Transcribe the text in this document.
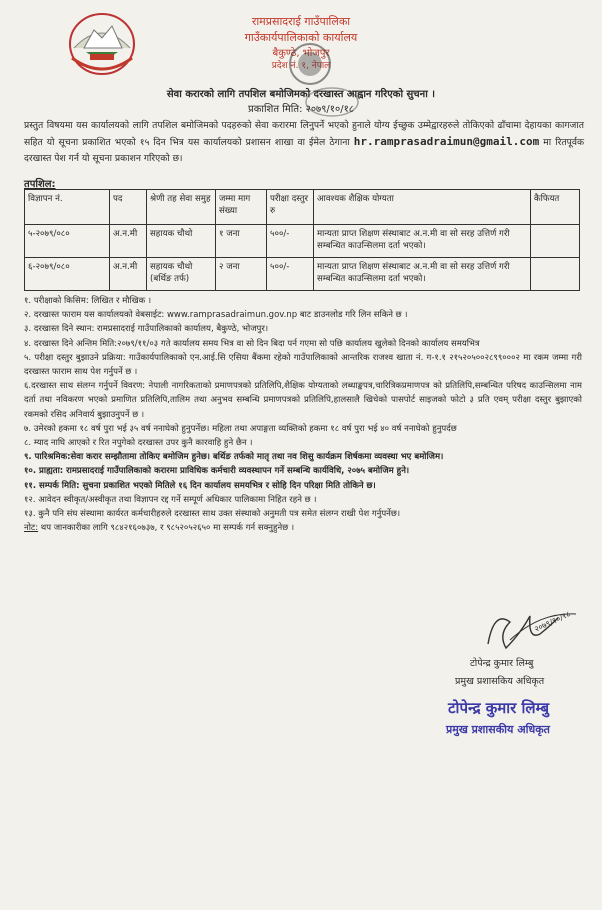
रामप्रसादराई गाउँपालिका
गाउँकार्यपालिकाको कार्यालय
बैकुण्ठे, भोजपुर
प्रदेश नं. १, नेपाल
सेवा करारको लागि तपशिल बमोजिमको दरखास्त आह्वान गरिएको सुचना ।
प्रकाशित मिति: २०७९/१०/१८
प्रस्तुत विषयमा यस कार्यालयको लागि तपशिल बमोजिमको पदहरुको सेवा करारमा लिनुपर्ने भएको हुनाले योग्य ईच्छुक उम्मेद्वारहरुले तोकिएको ढाँचामा देहायका कागजात सहित यो सूचना प्रकाशित भएको १५ दिन भित्र यस कार्यालयको प्रशासन शाखा वा ईमेल ठेगाना hr.ramprasadraimun@gmail.com मा रितपूर्वक दरखास्त पेश गर्न यो सूचना प्रकाशन गरिएको छ।
तपशिल:
विज्ञापन नं.	पद	श्रेणी तह सेवा समुह	जम्मा माग संख्या	परीक्षा दस्तुर रु	आवश्यक शैक्षिक योग्यता	कैफियत
५-२०७९/०८०	अ.न.मी	सहायक चौथो	१ जना	५००/-	मान्यता प्राप्त शिक्षण संस्थाबाट अ.न.मी वा सो सरह उत्तिर्ण गरी सम्बन्धित काउन्सिलमा दर्ता भएको।	
६-२०७९/०८०	अ.न.मी	सहायक चौथो (बर्थिङ तर्फ)	२ जना	५००/-	मान्यता प्राप्त शिक्षण संस्थाबाट अ.न.मी वा सो सरह उत्तिर्ण गरी सम्बन्धित काउन्सिलमा दर्ता भएको।	

१. परीक्षाको किसिम: लिखित र मौखिक ।

२. दरखास्त फाराम यस कार्यालयको वेबसाईट: www.ramprasadraimun.gov.np बाट डाउनलोड गरि लिन सकिने छ ।

३. दरखास्त दिने स्थान: रामप्रसादराई गाउँपालिकाको कार्यालय, बैकुण्ठे, भोजपुर।

४. दरखास्त दिने अन्तिम मिति:२०७९/११/०३ गते कार्यालय समय भित्र वा सो दिन बिदा पर्न गएमा सो पछि कार्यालय खुलेको दिनको कार्यालय समयभित्र

५. परीक्षा दस्तुर बुझाउने प्रक्रिया: गाउँकार्यपालिकाको एन.आई.सि एसिया बैंकमा रहेको गाउँपालिकाको आन्तरिक राजश्व खाता नं. ग-१.१ २१५२०५००२८९९०००२ मा रकम जम्मा गरी दरखास्त फाराम साथ पेश गर्नुपर्ने छ ।

६.दरखास्त साथ संलग्न गर्नुपर्ने विवरण: नेपाली नागरिकताको प्रमाणपत्रको प्रतिलिपि,शैक्षिक योग्यताको लब्धाङ्कपत्र,चारित्रिकप्रमाणपत्र को प्रतिलिपि,सम्बन्धित परिषद काउन्सिलमा नाम दर्ता तथा नविकरण भएको प्रमाणित प्रतिलिपि,तालिम तथा अनुभव सम्बन्धि प्रमाणपत्रको प्रतिलिपि,हालसालै खिचेको पासपोर्ट साइजको फोटो ३ प्रति एवम् परीक्षा दस्तुर बुझाएको रकमको रसिद अनिवार्य बुझाउनुपर्ने छ ।

७. उमेरको हकमा १८ वर्ष पुरा भई ३५ वर्ष ननाघेको हुनुपर्नेछ। महिला तथा अपाङ्गता व्यक्तिको हकमा १८ वर्ष पुरा भई ४० वर्ष ननाघेको हुनुपर्दछ

८. म्याद नाघि आएको र रित नपुगेको दरखास्त उपर कुनै कारवाहि हुने छैन ।

९. पारिश्रमिक:सेवा करार सम्झौतामा तोकिए बमोजिम हुनेछ। बर्थिङ तर्फको मातृ तथा नव शिसु कार्यक्रम शिर्षकमा व्यवस्था भए बमोजिम।

१०. प्राह्यता: रामप्रसादराई गाउँपालिकाको करारमा प्राविधिक कर्मचारी व्यवस्थापन गर्ने सम्बन्धि कार्यविधि, २०७५ बमोजिम हुने।

११. सम्पर्क मिति: सुचना प्रकाशित भएको मितिले १६ दिन कार्यालय समयभित्र र सोहि दिन परिक्षा मिति तोकिने छ।

१२. आवेदन स्वीकृत/अस्वीकृत तथा विज्ञापन रद्द गर्ने सम्पूर्ण अधिकार पालिकामा निहित रहने छ ।

१३. कुनै पनि संघ संस्थामा कार्यरत कर्मचारीहरुले दरखास्त साथ उक्त संस्थाको अनुमती पत्र समेत संलग्न राखी पेश गर्नुपर्नेछ।

नोट: थप जानकारीका लागि ९८४२१६०७३७, र ९८५२०५२६५० मा सम्पर्क गर्न सक्नुहुनेछ ।

२०७९/१०/१८
टोपेन्द्र कुमार लिम्बु
प्रमुख प्रशासकिय अधिकृत
टोपेन्द्र कुमार लिम्बु
प्रमुख प्रशासकीय अधिकृत
